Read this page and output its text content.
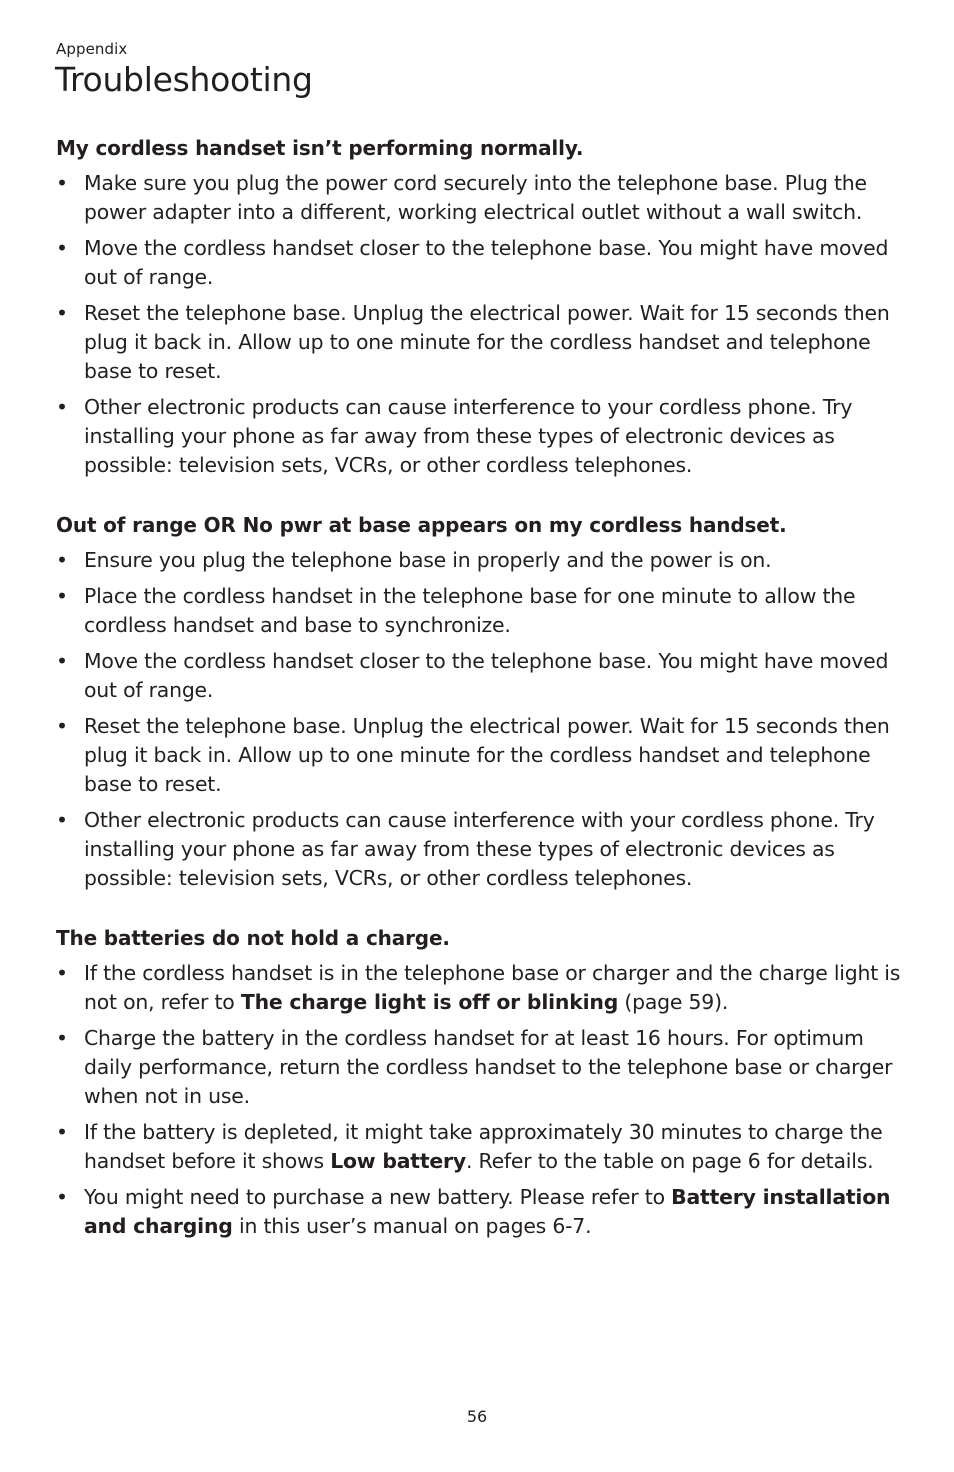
Appendix
Troubleshooting
My cordless handset isn’t performing normally.
• Make sure you plug the power cord securely into the telephone base. Plug the power adapter into a different, working electrical outlet without a wall switch.
• Move the cordless handset closer to the telephone base. You might have moved out of range.
• Reset the telephone base. Unplug the electrical power. Wait for 15 seconds then plug it back in. Allow up to one minute for the cordless handset and telephone base to reset.
• Other electronic products can cause interference to your cordless phone. Try installing your phone as far away from these types of electronic devices as possible: television sets, VCRs, or other cordless telephones.
Out of range OR No pwr at base appears on my cordless handset.
• Ensure you plug the telephone base in properly and the power is on.
• Place the cordless handset in the telephone base for one minute to allow the cordless handset and base to synchronize.
• Move the cordless handset closer to the telephone base. You might have moved out of range.
• Reset the telephone base. Unplug the electrical power. Wait for 15 seconds then plug it back in. Allow up to one minute for the cordless handset and telephone base to reset.
• Other electronic products can cause interference with your cordless phone. Try installing your phone as far away from these types of electronic devices as possible: television sets, VCRs, or other cordless telephones.
The batteries do not hold a charge.
• If the cordless handset is in the telephone base or charger and the charge light is not on, refer to The charge light is off or blinking (page 59).
• Charge the battery in the cordless handset for at least 16 hours. For optimum daily performance, return the cordless handset to the telephone base or charger when not in use.
• If the battery is depleted, it might take approximately 30 minutes to charge the handset before it shows Low battery. Refer to the table on page 6 for details.
• You might need to purchase a new battery. Please refer to Battery installation and charging in this user’s manual on pages 6-7.
56
